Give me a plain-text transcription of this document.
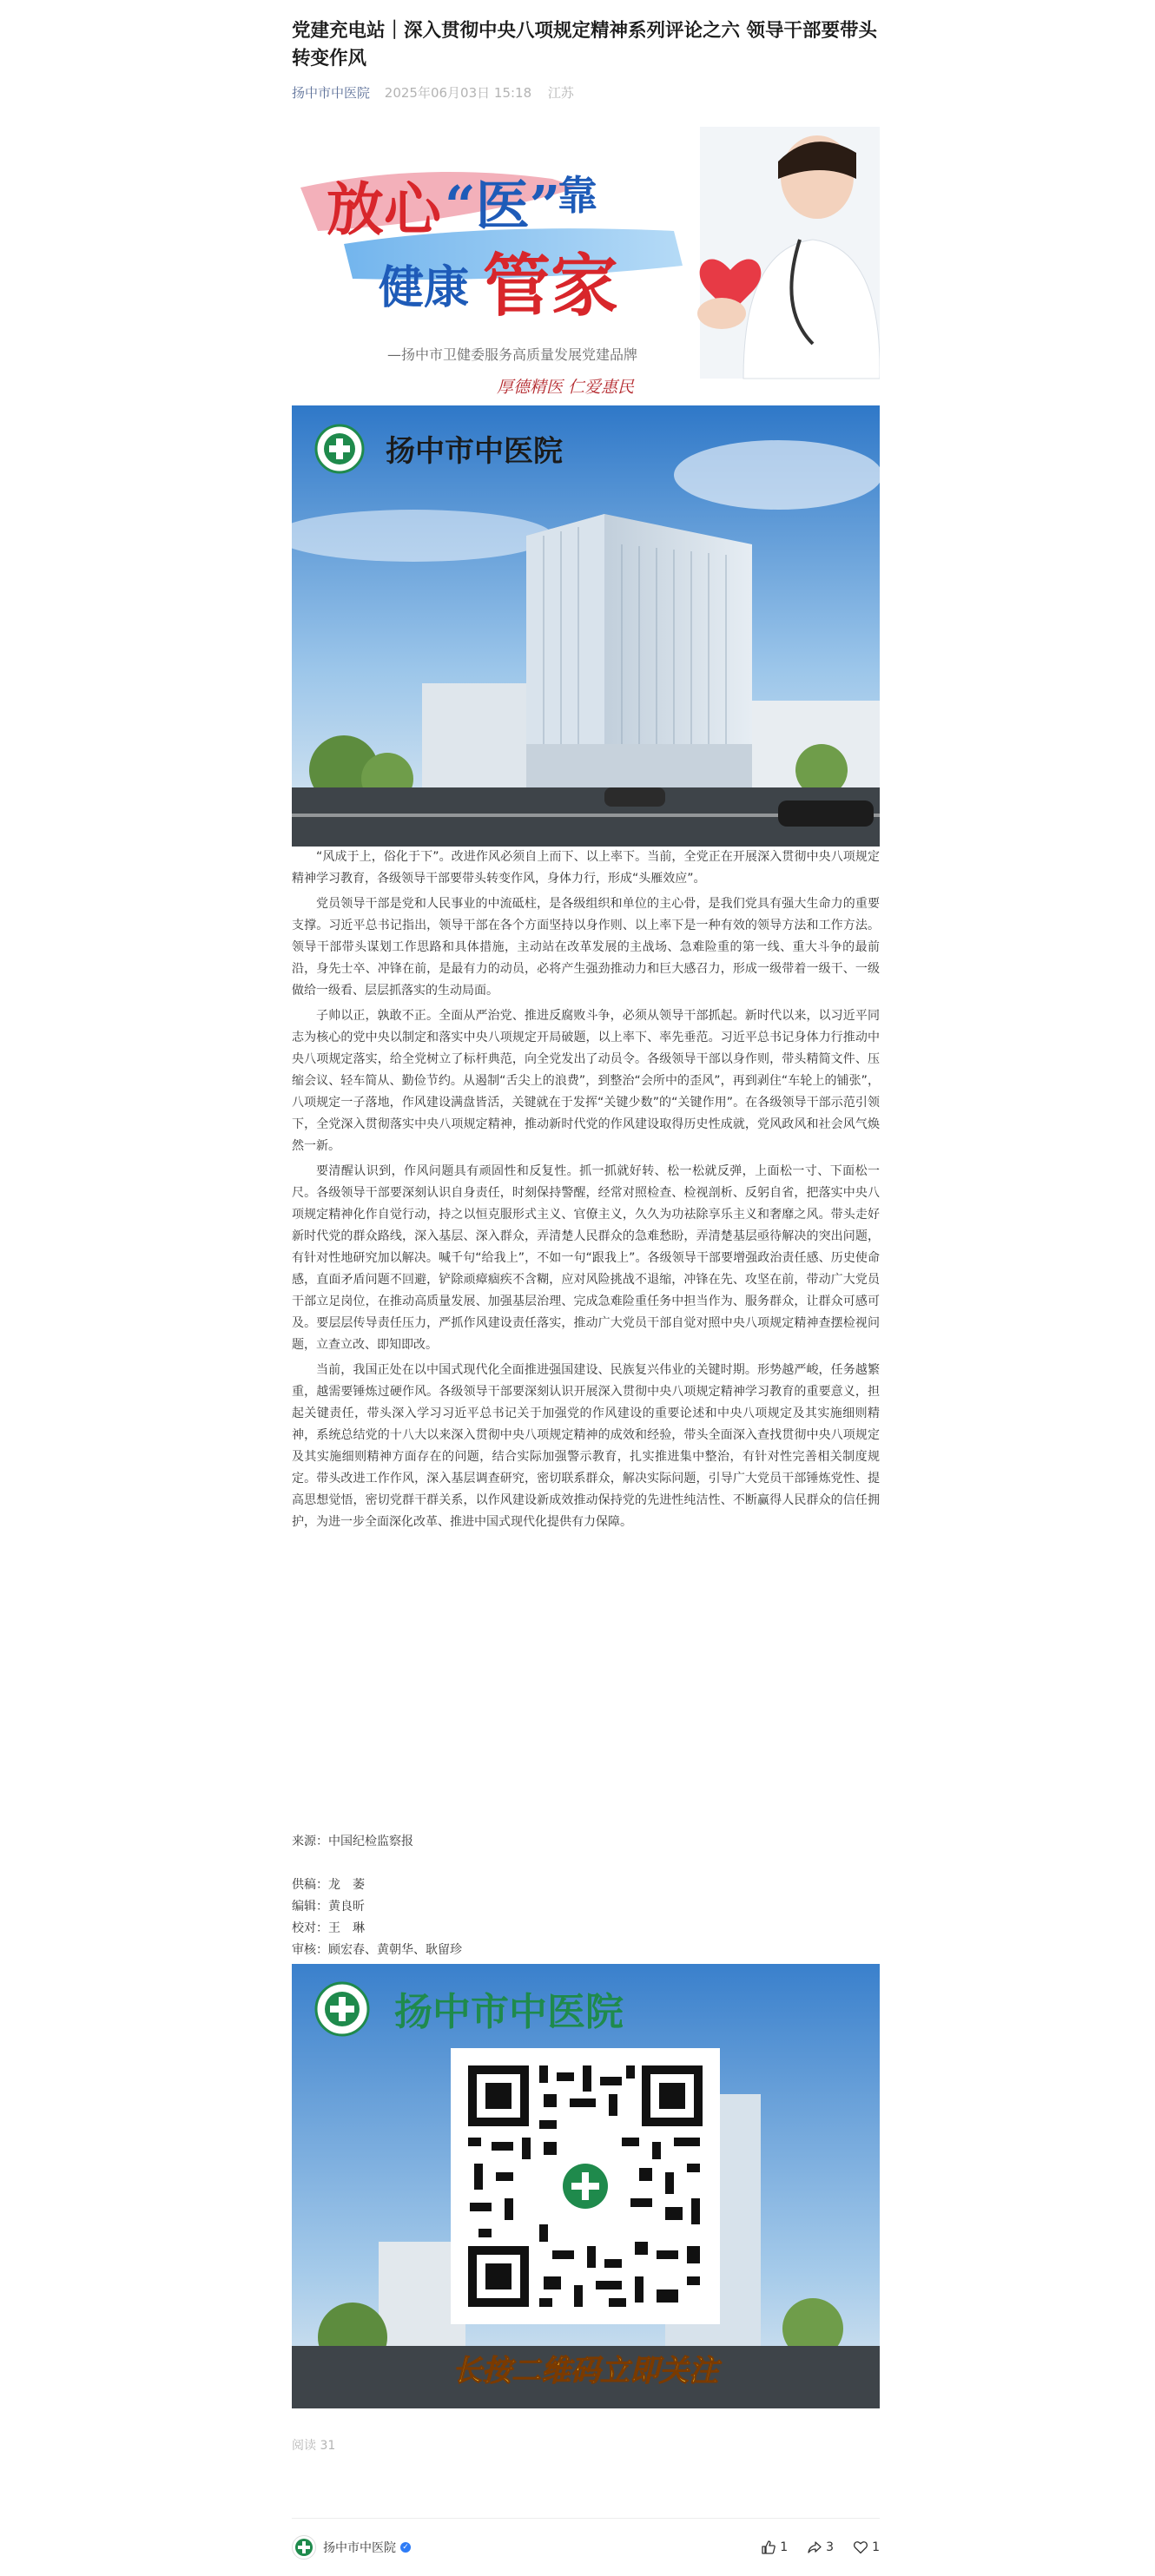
党建充电站｜深入贯彻中央八项规定精神系列评论之六 领导干部要带头转变作风
扬中市中医院 2025年06月03日 15:18 江苏
放心 “医”
靠
健康 管家
—扬中市卫健委服务高质量发展党建品牌
厚德精医 仁爱惠民
扬中市中医院

“风成于上，俗化于下”。改进作风必须自上而下、以上率下。当前，全党正在开展深入贯彻中央八项规定精神学习教育，各级领导干部要带头转变作风，身体力行，形成“头雁效应”。

党员领导干部是党和人民事业的中流砥柱，是各级组织和单位的主心骨，是我们党具有强大生命力的重要支撑。习近平总书记指出，领导干部在各个方面坚持以身作则、以上率下是一种有效的领导方法和工作方法。领导干部带头谋划工作思路和具体措施，主动站在改革发展的主战场、急难险重的第一线、重大斗争的最前沿，身先士卒、冲锋在前，是最有力的动员，必将产生强劲推动力和巨大感召力，形成一级带着一级干、一级做给一级看、层层抓落实的生动局面。

子帅以正，孰敢不正。全面从严治党、推进反腐败斗争，必须从领导干部抓起。新时代以来，以习近平同志为核心的党中央以制定和落实中央八项规定开局破题，以上率下、率先垂范。习近平总书记身体力行推动中央八项规定落实，给全党树立了标杆典范，向全党发出了动员令。各级领导干部以身作则，带头精简文件、压缩会议、轻车简从、勤俭节约。从遏制“舌尖上的浪费”，到整治“会所中的歪风”，再到剥住“车轮上的铺张”，八项规定一子落地，作风建设满盘皆活，关键就在于发挥“关键少数”的“关键作用”。在各级领导干部示范引领下，全党深入贯彻落实中央八项规定精神，推动新时代党的作风建设取得历史性成就，党风政风和社会风气焕然一新。

要清醒认识到，作风问题具有顽固性和反复性。抓一抓就好转、松一松就反弹，上面松一寸、下面松一尺。各级领导干部要深刻认识自身责任，时刻保持警醒，经常对照检查、检视剖析、反躬自省，把落实中央八项规定精神化作自觉行动，持之以恒克服形式主义、官僚主义，久久为功祛除享乐主义和奢靡之风。带头走好新时代党的群众路线，深入基层、深入群众，弄清楚人民群众的急难愁盼，弄清楚基层亟待解决的突出问题，有针对性地研究加以解决。喊千句“给我上”，不如一句“跟我上”。各级领导干部要增强政治责任感、历史使命感，直面矛盾问题不回避，铲除顽瘴痼疾不含糊，应对风险挑战不退缩，冲锋在先、攻坚在前，带动广大党员干部立足岗位，在推动高质量发展、加强基层治理、完成急难险重任务中担当作为、服务群众，让群众可感可及。要层层传导责任压力，严抓作风建设责任落实，推动广大党员干部自觉对照中央八项规定精神查摆检视问题，立查立改、即知即改。

当前，我国正处在以中国式现代化全面推进强国建设、民族复兴伟业的关键时期。形势越严峻，任务越繁重，越需要锤炼过硬作风。各级领导干部要深刻认识开展深入贯彻中央八项规定精神学习教育的重要意义，担起关键责任，带头深入学习习近平总书记关于加强党的作风建设的重要论述和中央八项规定及其实施细则精神，系统总结党的十八大以来深入贯彻中央八项规定精神的成效和经验，带头全面深入查找贯彻中央八项规定及其实施细则精神方面存在的问题，结合实际加强警示教育，扎实推进集中整治，有针对性完善相关制度规定。带头改进工作作风，深入基层调查研究，密切联系群众，解决实际问题，引导广大党员干部锤炼党性、提高思想觉悟，密切党群干群关系，以作风建设新成效推动保持党的先进性纯洁性、不断赢得人民群众的信任拥护，为进一步全面深化改革、推进中国式现代化提供有力保障。

来源：中国纪检监察报
供稿：龙　萎
编辑：黄良昕
校对：王　琳
审核：顾宏春、黄朝华、耿留珍
扬中市中医院
长按二维码立即关注
阅读 31
扬中市中医院 ✓	1	3	1
